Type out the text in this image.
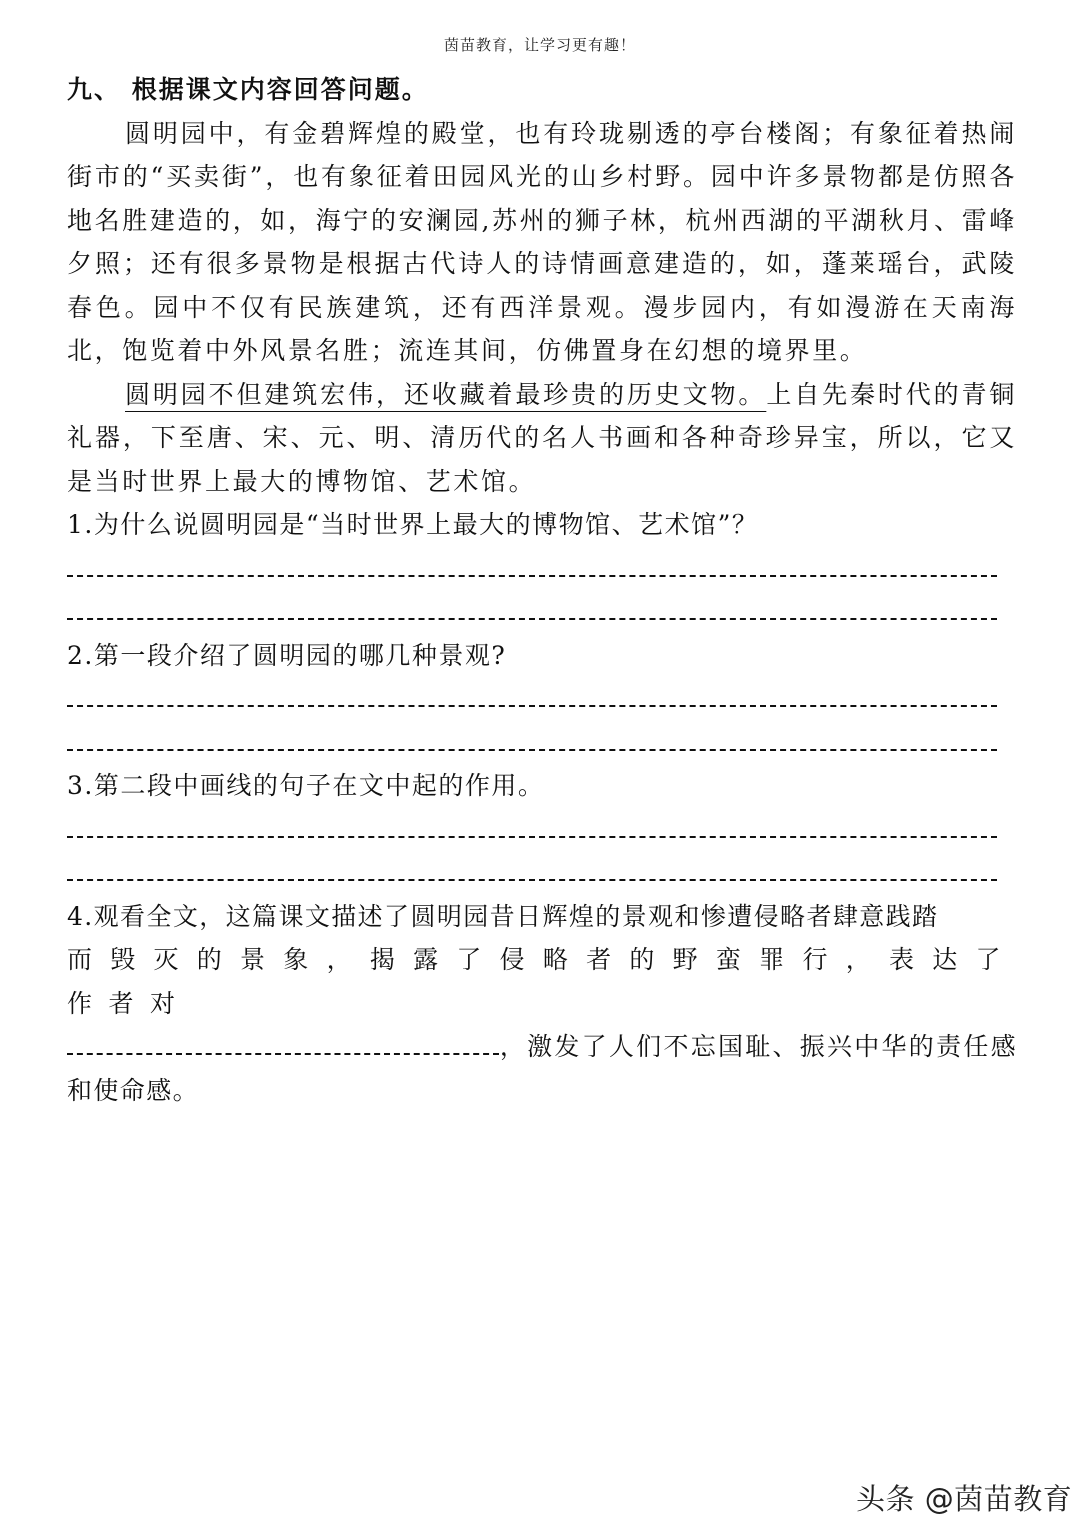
茵苗教育，让学习更有趣！

九、 根据课文内容回答问题。

圆明园中，有金碧辉煌的殿堂，也有玲珑剔透的亭台楼阁；有象征着热闹街市的“买卖街”，也有象征着田园风光的山乡村野。园中许多景物都是仿照各地名胜建造的，如，海宁的安澜园,苏州的狮子林，杭州西湖的平湖秋月、雷峰夕照；还有很多景物是根据古代诗人的诗情画意建造的，如，蓬莱瑶台，武陵春色。园中不仅有民族建筑，还有西洋景观。漫步园内，有如漫游在天南海北，饱览着中外风景名胜；流连其间，仿佛置身在幻想的境界里。

圆明园不但建筑宏伟，还收藏着最珍贵的历史文物。上自先秦时代的青铜礼器，下至唐、宋、元、明、清历代的名人书画和各种奇珍异宝，所以，它又是当时世界上最大的博物馆、艺术馆。

1.为什么说圆明园是“当时世界上最大的博物馆、艺术馆”？

2.第一段介绍了圆明园的哪几种景观?

3.第二段中画线的句子在文中起的作用。

4.观看全文，这篇课文描述了圆明园昔日辉煌的景观和惨遭侵略者肆意践踏
而毁灭的景象，揭露了侵略者的野蛮罪行，表达了作者对
，激发了人们不忘国耻、振兴中华的责任感和使命感。

头条 @茵苗教育
